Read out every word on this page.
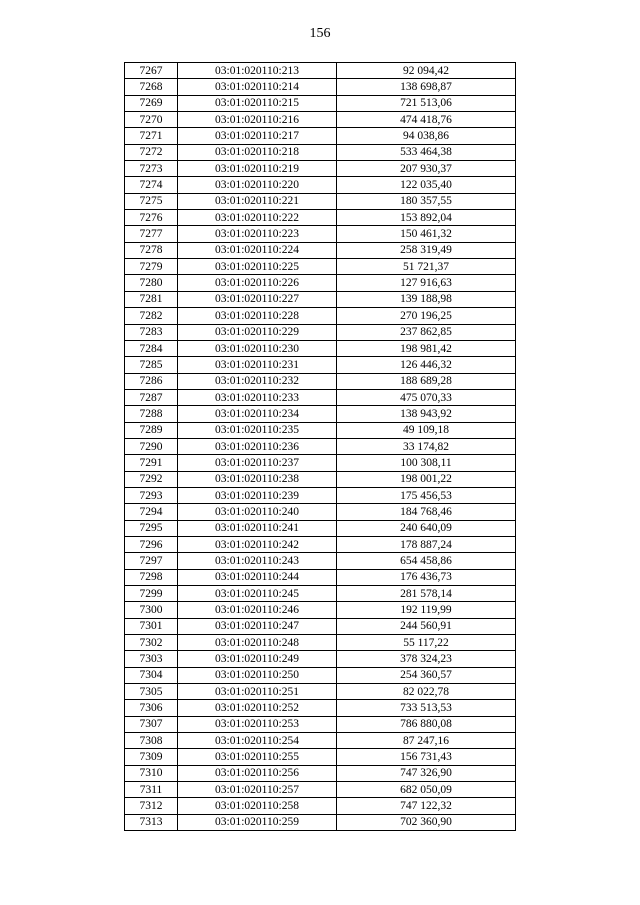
156
7267	03:01:020110:213	92 094,42
7268	03:01:020110:214	138 698,87
7269	03:01:020110:215	721 513,06
7270	03:01:020110:216	474 418,76
7271	03:01:020110:217	94 038,86
7272	03:01:020110:218	533 464,38
7273	03:01:020110:219	207 930,37
7274	03:01:020110:220	122 035,40
7275	03:01:020110:221	180 357,55
7276	03:01:020110:222	153 892,04
7277	03:01:020110:223	150 461,32
7278	03:01:020110:224	258 319,49
7279	03:01:020110:225	51 721,37
7280	03:01:020110:226	127 916,63
7281	03:01:020110:227	139 188,98
7282	03:01:020110:228	270 196,25
7283	03:01:020110:229	237 862,85
7284	03:01:020110:230	198 981,42
7285	03:01:020110:231	126 446,32
7286	03:01:020110:232	188 689,28
7287	03:01:020110:233	475 070,33
7288	03:01:020110:234	138 943,92
7289	03:01:020110:235	49 109,18
7290	03:01:020110:236	33 174,82
7291	03:01:020110:237	100 308,11
7292	03:01:020110:238	198 001,22
7293	03:01:020110:239	175 456,53
7294	03:01:020110:240	184 768,46
7295	03:01:020110:241	240 640,09
7296	03:01:020110:242	178 887,24
7297	03:01:020110:243	654 458,86
7298	03:01:020110:244	176 436,73
7299	03:01:020110:245	281 578,14
7300	03:01:020110:246	192 119,99
7301	03:01:020110:247	244 560,91
7302	03:01:020110:248	55 117,22
7303	03:01:020110:249	378 324,23
7304	03:01:020110:250	254 360,57
7305	03:01:020110:251	82 022,78
7306	03:01:020110:252	733 513,53
7307	03:01:020110:253	786 880,08
7308	03:01:020110:254	87 247,16
7309	03:01:020110:255	156 731,43
7310	03:01:020110:256	747 326,90
7311	03:01:020110:257	682 050,09
7312	03:01:020110:258	747 122,32
7313	03:01:020110:259	702 360,90
